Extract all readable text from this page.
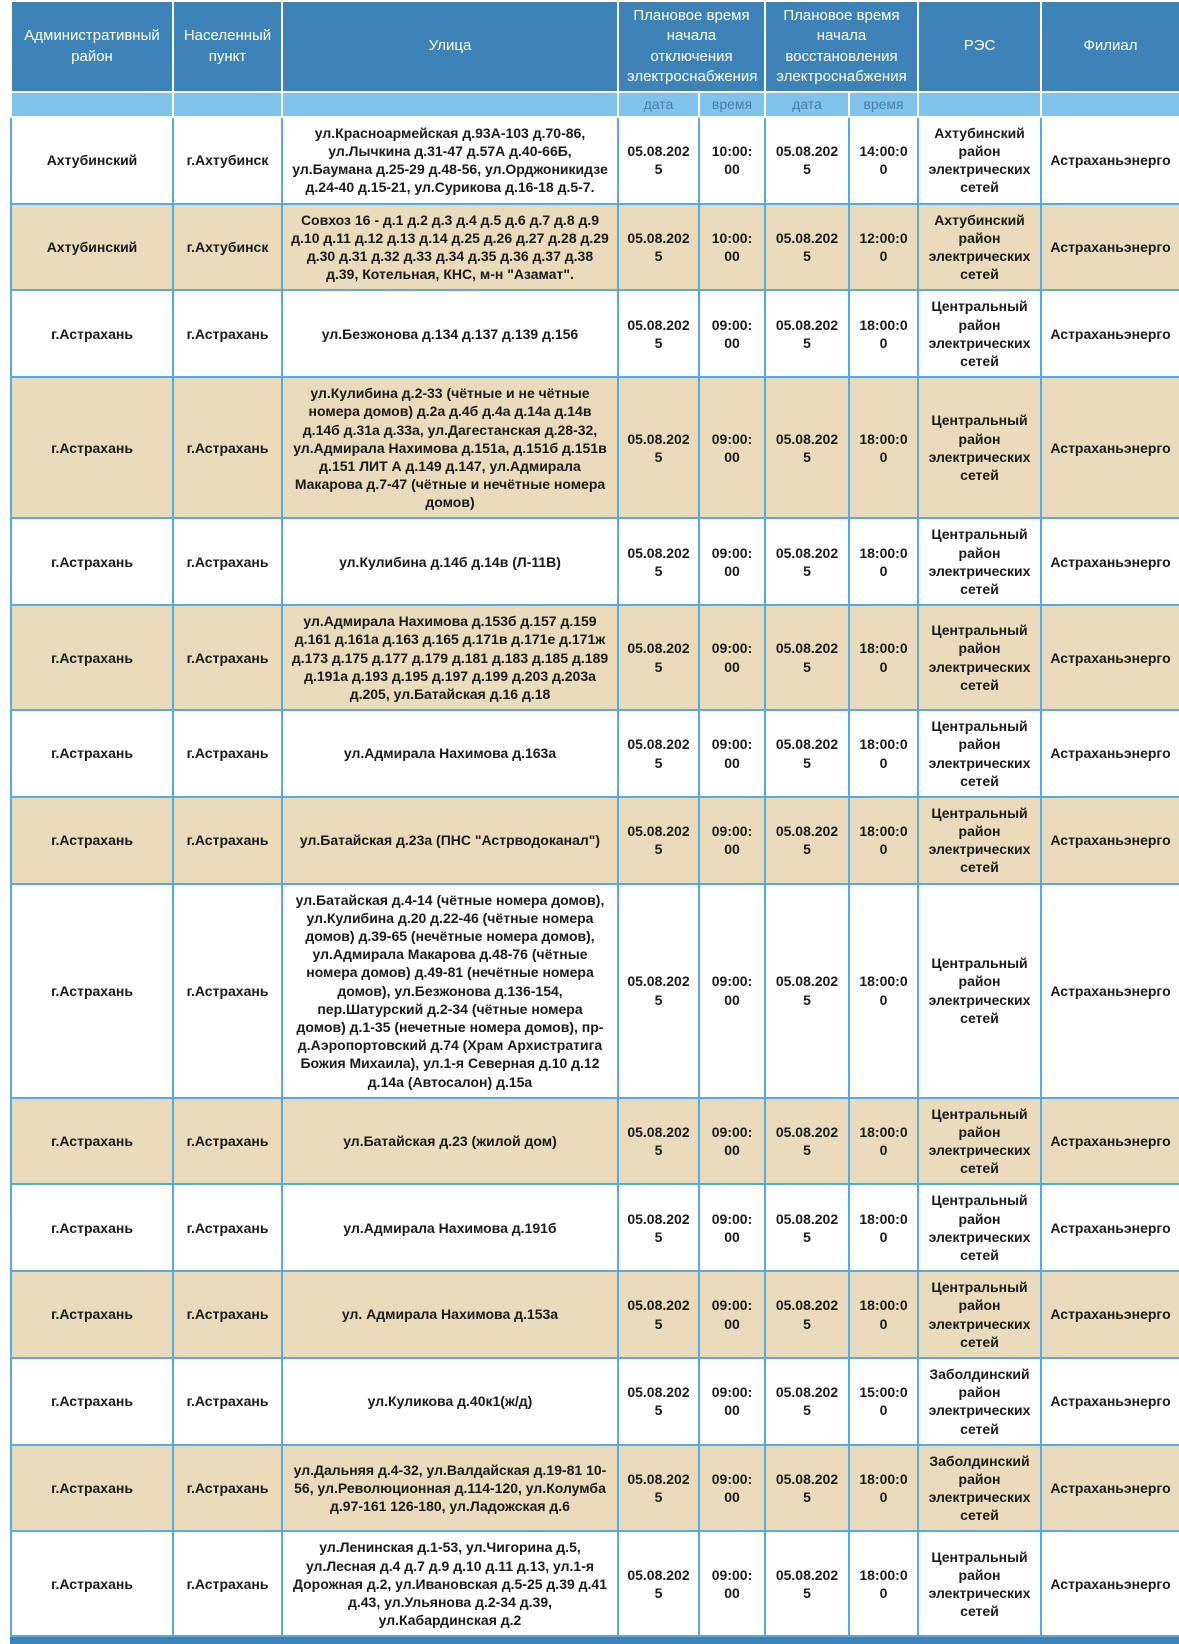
Административный район	Населенный пункт	Улица	Плановое время начала отключения электроснабжения		Плановое время начала восстановления электроснабжения		РЭС	Филиал
			дата	время	дата	время		
Ахтубинский	г.Ахтубинск	ул.Красноармейская д.93А-103 д.70-86, ул.Лычкина д.31-47 д.57А д.40-66Б, ул.Баумана д.25-29 д.48-56, ул.Орджоникидзе д.24-40 д.15-21, ул.Сурикова д.16-18 д.5-7.	05.08.2025	10:00:00	05.08.2025	14:00:00	Ахтубинский район электрических сетей	Астраханьэнерго
Ахтубинский	г.Ахтубинск	Совхоз 16 - д.1 д.2 д.3 д.4 д.5 д.6 д.7 д.8 д.9 д.10 д.11 д.12 д.13 д.14 д.25 д.26 д.27 д.28 д.29 д.30 д.31 д.32 д.33 д.34 д.35 д.36 д.37 д.38 д.39, Котельная, КНС, м-н "Азамат".	05.08.2025	10:00:00	05.08.2025	12:00:00	Ахтубинский район электрических сетей	Астраханьэнерго
г.Астрахань	г.Астрахань	ул.Безжонова д.134 д.137 д.139 д.156	05.08.2025	09:00:00	05.08.2025	18:00:00	Центральный район электрических сетей	Астраханьэнерго
г.Астрахань	г.Астрахань	ул.Кулибина д.2-33 (чётные и не чётные номера домов) д.2а д.4б д.4а д.14а д.14в д.14б д.31а д.33а, ул.Дагестанская д.28-32, ул.Адмирала Нахимова д.151а, д.151б д.151в д.151 ЛИТ А д.149 д.147, ул.Адмирала Макарова д.7-47 (чётные и нечётные номера домов)	05.08.2025	09:00:00	05.08.2025	18:00:00	Центральный район электрических сетей	Астраханьэнерго
г.Астрахань	г.Астрахань	ул.Кулибина д.14б д.14в (Л-11В)	05.08.2025	09:00:00	05.08.2025	18:00:00	Центральный район электрических сетей	Астраханьэнерго
г.Астрахань	г.Астрахань	ул.Адмирала Нахимова д.153б д.157 д.159 д.161 д.161а д.163 д.165 д.171в д.171е д.171ж д.173 д.175 д.177 д.179 д.181 д.183 д.185 д.189 д.191а д.193 д.195 д.197 д.199 д.203 д.203а д.205, ул.Батайская д.16 д.18	05.08.2025	09:00:00	05.08.2025	18:00:00	Центральный район электрических сетей	Астраханьэнерго
г.Астрахань	г.Астрахань	ул.Адмирала Нахимова д.163а	05.08.2025	09:00:00	05.08.2025	18:00:00	Центральный район электрических сетей	Астраханьэнерго
г.Астрахань	г.Астрахань	ул.Батайская д.23а (ПНС "Астрводоканал")	05.08.2025	09:00:00	05.08.2025	18:00:00	Центральный район электрических сетей	Астраханьэнерго
г.Астрахань	г.Астрахань	ул.Батайская д.4-14 (чётные номера домов), ул.Кулибина д.20 д.22-46 (чётные номера домов) д.39-65 (нечётные номера домов), ул.Адмирала Макарова д.48-76 (чётные номера домов) д.49-81 (нечётные номера домов), ул.Безжонова д.136-154, пер.Шатурский д.2-34 (чётные номера домов) д.1-35 (нечетные номера домов), пр-д.Аэропортовский д.74 (Храм Архистратига Божия Михаила), ул.1-я Северная д.10 д.12 д.14а (Автосалон) д.15а	05.08.2025	09:00:00	05.08.2025	18:00:00	Центральный район электрических сетей	Астраханьэнерго
г.Астрахань	г.Астрахань	ул.Батайская д.23 (жилой дом)	05.08.2025	09:00:00	05.08.2025	18:00:00	Центральный район электрических сетей	Астраханьэнерго
г.Астрахань	г.Астрахань	ул.Адмирала Нахимова д.191б	05.08.2025	09:00:00	05.08.2025	18:00:00	Центральный район электрических сетей	Астраханьэнерго
г.Астрахань	г.Астрахань	ул. Адмирала Нахимова д.153а	05.08.2025	09:00:00	05.08.2025	18:00:00	Центральный район электрических сетей	Астраханьэнерго
г.Астрахань	г.Астрахань	ул.Куликова д.40к1(ж/д)	05.08.2025	09:00:00	05.08.2025	15:00:00	Заболдинский район электрических сетей	Астраханьэнерго
г.Астрахань	г.Астрахань	ул.Дальняя д.4-32, ул.Валдайская д.19-81 10-56, ул.Революционная д.114-120, ул.Колумба д.97-161 126-180, ул.Ладожская д.6	05.08.2025	09:00:00	05.08.2025	18:00:00	Заболдинский район электрических сетей	Астраханьэнерго
г.Астрахань	г.Астрахань	ул.Ленинская д.1-53, ул.Чигорина д.5, ул.Лесная д.4 д.7 д.9 д.10 д.11 д.13, ул.1-я Дорожная д.2, ул.Ивановская д.5-25 д.39 д.41 д.43, ул.Ульянова д.2-34 д.39, ул.Кабардинская д.2	05.08.2025	09:00:00	05.08.2025	18:00:00	Центральный район электрических сетей	Астраханьэнерго
